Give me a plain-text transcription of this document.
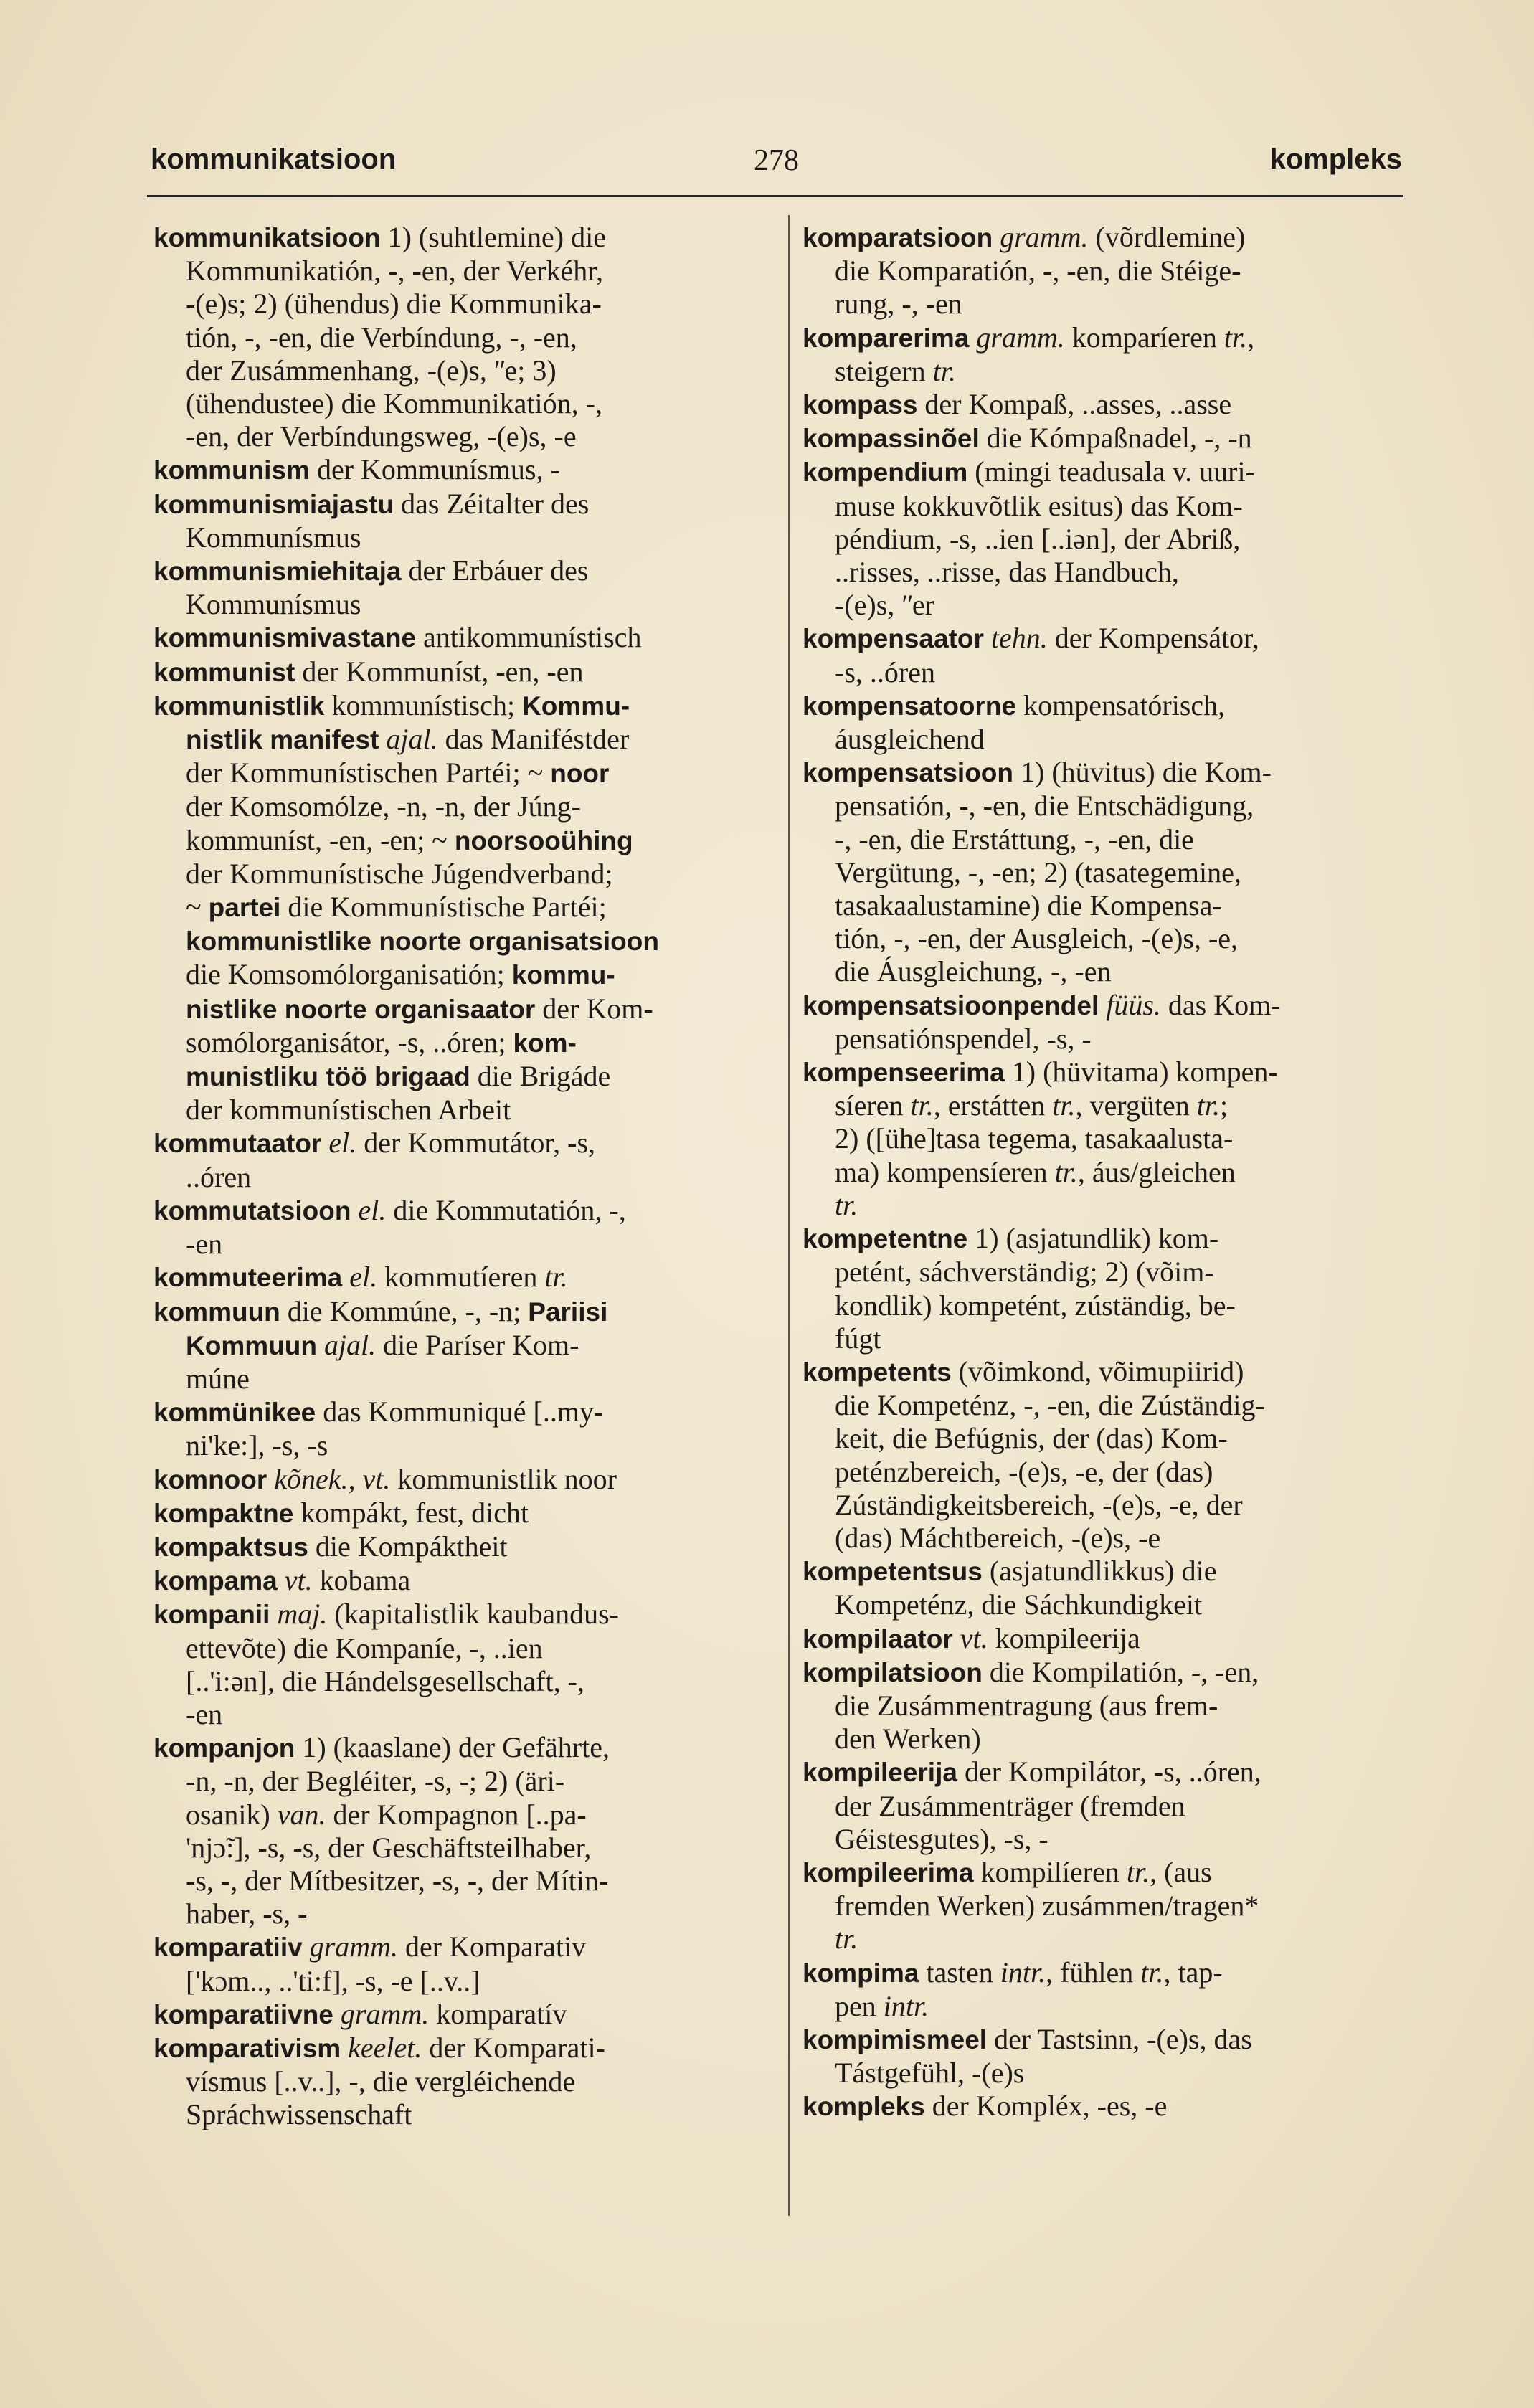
kommunikatsioon	278	kompleks
kommunikatsioon 1) (suhtlemine) die
Kommunikatión, -, -en, der Verkéhr,
-(e)s; 2) (ühendus) die Kommunika-
tión, -, -en, die Verbíndung, -, -en,
der Zusámmenhang, -(e)s, ʺe; 3)
(ühendustee) die Kommunikatión, -,
-en, der Verbíndungsweg, -(e)s, -e
kommunism der Kommunísmus, -
kommunismiajastu das Zéitalter des
Kommunísmus
kommunismiehitaja der Erbáuer des
Kommunísmus
kommunismivastane antikommunístisch
kommunist der Kommuníst, -en, -en
kommunistlik kommunístisch; Kommu-
nistlik manifest ajal. das Maniféstder
der Kommunístischen Partéi; ~ noor
der Komsomólze, -n, -n, der Júng-
kommuníst, -en, -en; ~ noorsooühing
der Kommunístische Júgendverband;
~ partei die Kommunístische Partéi;
kommunistlike noorte organisatsioon
die Komsomólorganisatión; kommu-
nistlike noorte organisaator der Kom-
somólorganisátor, -s, ..óren; kom-
munistliku töö brigaad die Brigáde
der kommunístischen Arbeit
kommutaator el. der Kommutátor, -s,
..óren
kommutatsioon el. die Kommutatión, -,
-en
kommuteerima el. kommutíeren tr.
kommuun die Kommúne, -, -n; Pariisi
Kommuun ajal. die Paríser Kom-
múne
kommünikee das Kommuniqué [..my-
ni'ke:], -s, -s
komnoor kõnek., vt. kommunistlik noor
kompaktne kompákt, fest, dicht
kompaktsus die Kompáktheit
kompama vt. kobama
kompanii maj. (kapitalistlik kaubandus-
ettevõte) die Kompaníe, -, ..ien
[..'i:ən], die Hándelsgesellschaft, -,
-en
kompanjon 1) (kaaslane) der Gefährte,
-n, -n, der Begléiter, -s, -; 2) (äri-
osanik) van. der Kompagnon [..pa-
'njɔ̃:], -s, -s, der Geschäftsteilhaber,
-s, -, der Mítbesitzer, -s, -, der Mítin-
haber, -s, -
komparatiiv gramm. der Komparativ
['kɔm.., ..'ti:f], -s, -e [..v..]
komparatiivne gramm. komparatív
komparativism keelet. der Komparati-
vísmus [..v..], -, die vergléichende
Spráchwissenschaft
komparatsioon gramm. (võrdlemine)
die Komparatión, -, -en, die Stéige-
rung, -, -en
komparerima gramm. komparíeren tr.,
steigern tr.
kompass der Kompaß, ..asses, ..asse
kompassinõel die Kómpaßnadel, -, -n
kompendium (mingi teadusala v. uuri-
muse kokkuvõtlik esitus) das Kom-
péndium, -s, ..ien [..iən], der Abriß,
..risses, ..risse, das Handbuch,
-(e)s, ʺer
kompensaator tehn. der Kompensátor,
-s, ..óren
kompensatoorne kompensatórisch,
áusgleichend
kompensatsioon 1) (hüvitus) die Kom-
pensatión, -, -en, die Entschädigung,
-, -en, die Erstáttung, -, -en, die
Vergütung, -, -en; 2) (tasategemine,
tasakaalustamine) die Kompensa-
tión, -, -en, der Ausgleich, -(e)s, -e,
die Áusgleichung, -, -en
kompensatsioonpendel füüs. das Kom-
pensatiónspendel, -s, -
kompenseerima 1) (hüvitama) kompen-
síeren tr., erstátten tr., vergüten tr.;
2) ([ühe]tasa tegema, tasakaalusta-
ma) kompensíeren tr., áus/gleichen
tr.
kompetentne 1) (asjatundlik) kom-
petént, sáchverständig; 2) (võim-
kondlik) kompetént, zúständig, be-
fúgt
kompetents (võimkond, võimupiirid)
die Kompeténz, -, -en, die Zúständig-
keit, die Befúgnis, der (das) Kom-
peténzbereich, -(e)s, -e, der (das)
Zúständigkeitsbereich, -(e)s, -e, der
(das) Máchtbereich, -(e)s, -e
kompetentsus (asjatundlikkus) die
Kompeténz, die Sáchkundigkeit
kompilaator vt. kompileerija
kompilatsioon die Kompilatión, -, -en,
die Zusámmentragung (aus frem-
den Werken)
kompileerija der Kompilátor, -s, ..óren,
der Zusámmenträger (fremden
Géistesgutes), -s, -
kompileerima kompilíeren tr., (aus
fremden Werken) zusámmen/tragen*
tr.
kompima tasten intr., fühlen tr., tap-
pen intr.
kompimismeel der Tastsinn, -(e)s, das
Tástgefühl, -(e)s
kompleks der Kompléx, -es, -e
